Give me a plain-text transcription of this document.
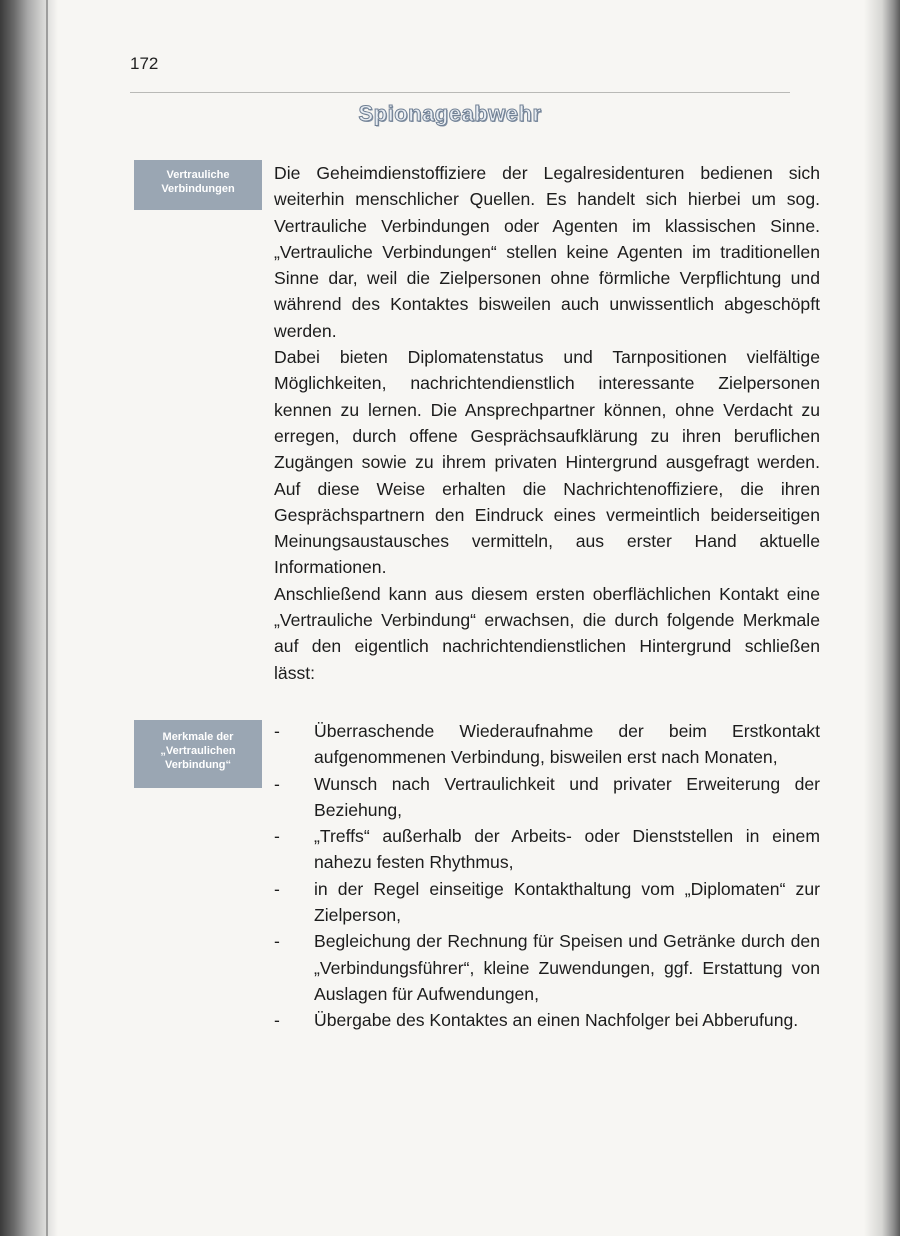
172
Spionageabwehr
Vertrauliche
Verbindungen
Merkmale der
„Vertraulichen
Verbindung“

Die Geheimdienstoffiziere der Legalresidenturen bedienen sich weiterhin menschlicher Quellen. Es handelt sich hierbei um sog. Vertrauliche Verbindungen oder Agenten im klassischen Sinne. „Vertrauliche Verbindungen“ stellen keine Agenten im traditionellen Sinne dar, weil die Zielpersonen ohne förmliche Verpflichtung und während des Kontaktes bisweilen auch unwissentlich abgeschöpft werden.

Dabei bieten Diplomatenstatus und Tarnpositionen vielfältige Möglichkeiten, nachrichtendienstlich interessante Zielpersonen kennen zu lernen. Die Ansprechpartner können, ohne Verdacht zu erregen, durch offene Gesprächsaufklärung zu ihren beruflichen Zugängen sowie zu ihrem privaten Hintergrund ausgefragt werden. Auf diese Weise erhalten die Nachrichtenoffiziere, die ihren Gesprächspartnern den Eindruck eines vermeintlich beiderseitigen Meinungsaustausches vermitteln, aus erster Hand aktuelle Informationen.

Anschließend kann aus diesem ersten oberflächlichen Kontakt eine „Vertrauliche Verbindung“ erwachsen, die durch folgende Merkmale auf den eigentlich nachrichtendienstlichen Hintergrund schließen lässt:

- Überraschende Wiederaufnahme der beim Erstkontakt aufgenommenen Verbindung, bisweilen erst nach Monaten,
- Wunsch nach Vertraulichkeit und privater Erweiterung der Beziehung,
- „Treffs“ außerhalb der Arbeits- oder Dienststellen in einem nahezu festen Rhythmus,
- in der Regel einseitige Kontakthaltung vom „Diplomaten“ zur Zielperson,
- Begleichung der Rechnung für Speisen und Getränke durch den „Verbindungsführer“, kleine Zuwendungen, ggf. Erstattung von Auslagen für Aufwendungen,
- Übergabe des Kontaktes an einen Nachfolger bei Abberufung.
